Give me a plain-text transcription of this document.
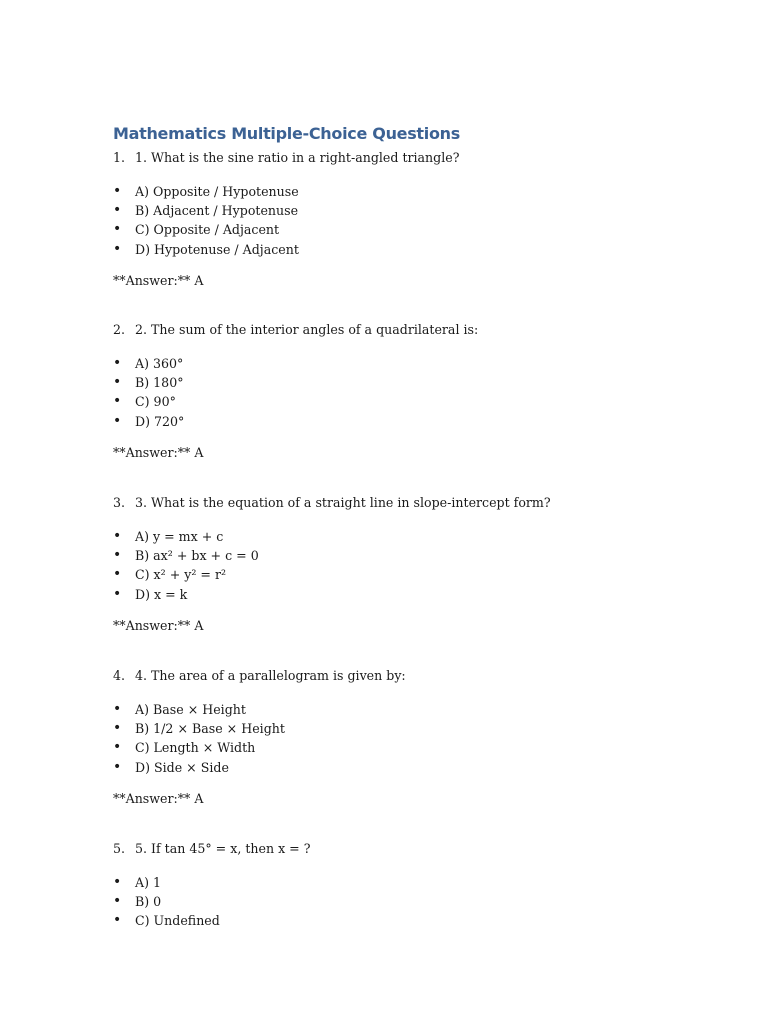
Mathematics Multiple-Choice Questions
1. 1. What is the sine ratio in a right-angled triangle?
• A) Opposite / Hypotenuse
• B) Adjacent / Hypotenuse
• C) Opposite / Adjacent
• D) Hypotenuse / Adjacent
**Answer:** A
2. 2. The sum of the interior angles of a quadrilateral is:
• A) 360°
• B) 180°
• C) 90°
• D) 720°
**Answer:** A
3. 3. What is the equation of a straight line in slope-intercept form?
• A) y = mx + c
• B) ax² + bx + c = 0
• C) x² + y² = r²
• D) x = k
**Answer:** A
4. 4. The area of a parallelogram is given by:
• A) Base × Height
• B) 1/2 × Base × Height
• C) Length × Width
• D) Side × Side
**Answer:** A
5. 5. If tan 45° = x, then x = ?
• A) 1
• B) 0
• C) Undefined
